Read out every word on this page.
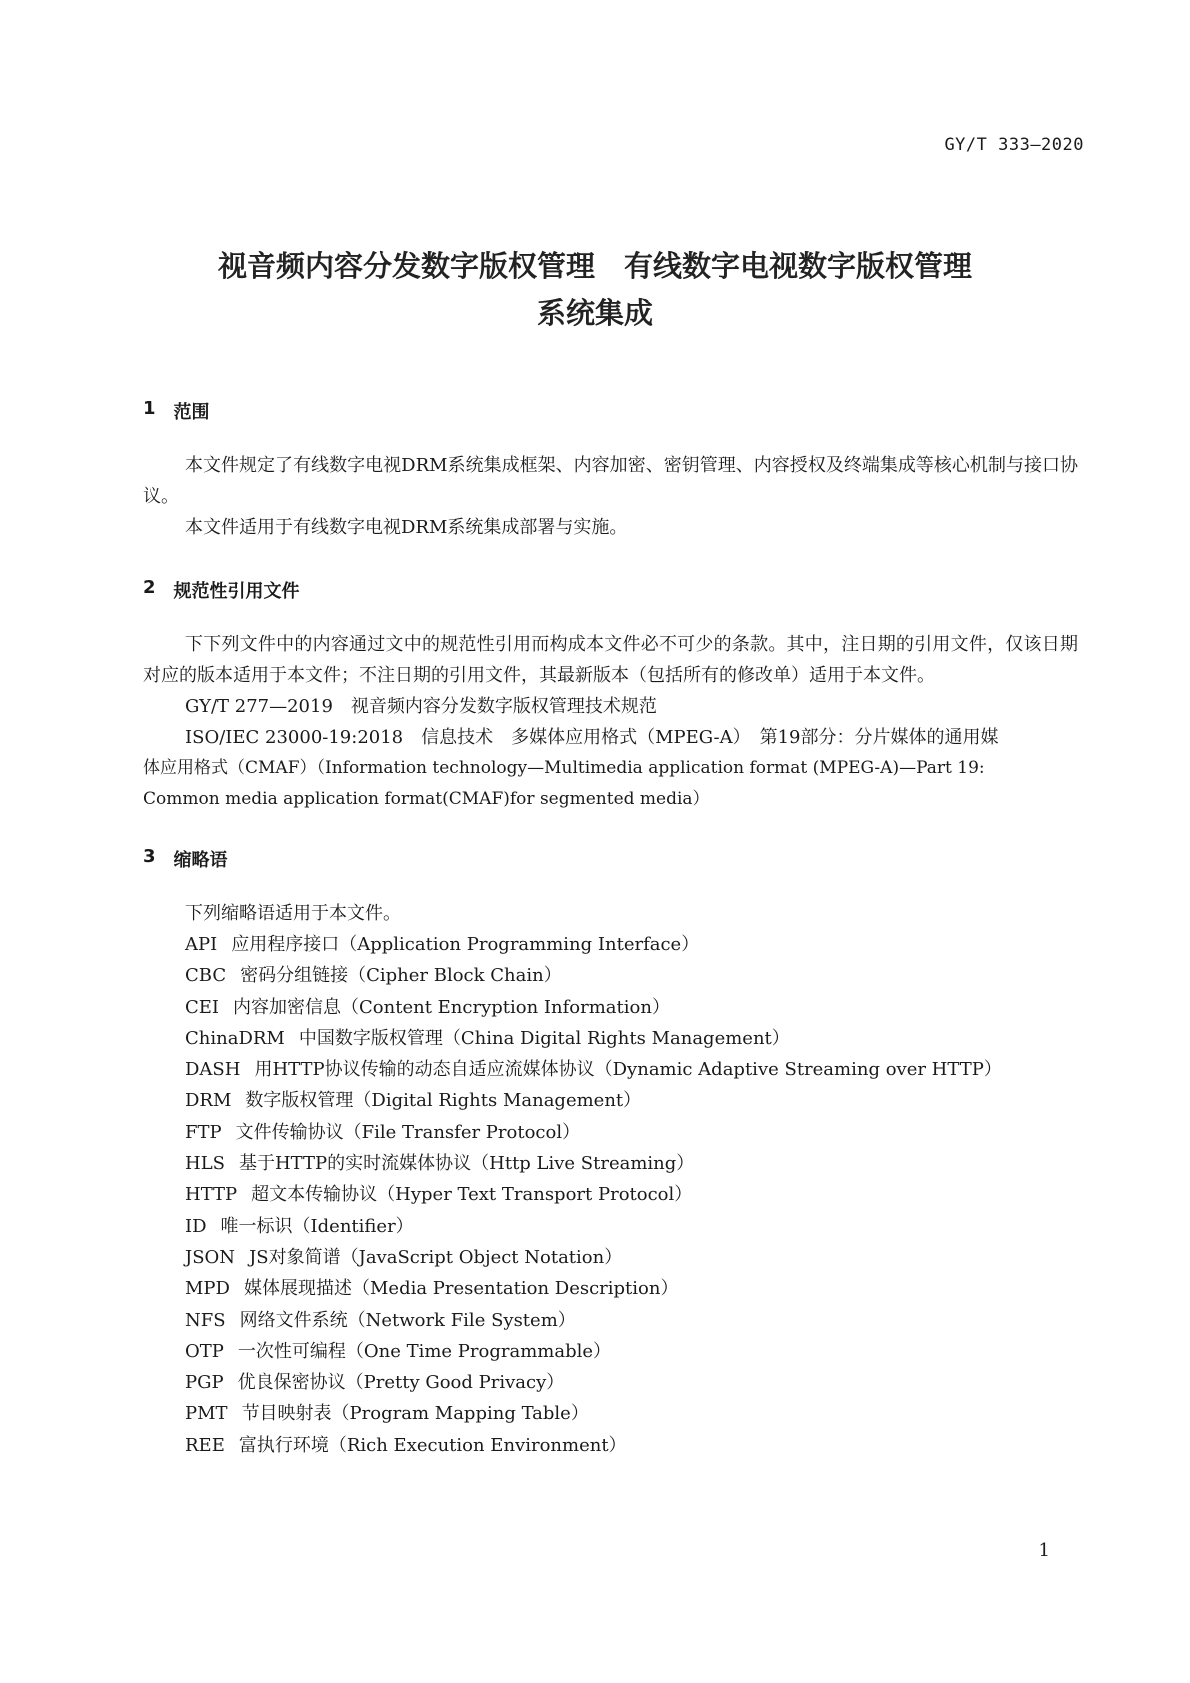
GY/T 333—2020
视音频内容分发数字版权管理　有线数字电视数字版权管理
系统集成
1 范围

本文件规定了有线数字电视DRM系统集成框架、内容加密、密钥管理、内容授权及终端集成等核心机制与接口协议。

本文件适用于有线数字电视DRM系统集成部署与实施。

2 规范性引用文件

下下列文件中的内容通过文中的规范性引用而构成本文件必不可少的条款。其中，注日期的引用文件，仅该日期对应的版本适用于本文件；不注日期的引用文件，其最新版本（包括所有的修改单）适用于本文件。

GY/T 277—2019　视音频内容分发数字版权管理技术规范
ISO/IEC 23000-19:2018　信息技术　多媒体应用格式（MPEG-A）　第19部分：分片媒体的通用媒
体应用格式（CMAF）（Information technology—Multimedia application format (MPEG-A)—Part 19:
Common media application format(CMAF)for segmented media）
3 缩略语
下列缩略语适用于本文件。
API 应用程序接口（Application Programming Interface）
CBC 密码分组链接（Cipher Block Chain）
CEI 内容加密信息（Content Encryption Information）
ChinaDRM 中国数字版权管理（China Digital Rights Management）
DASH 用HTTP协议传输的动态自适应流媒体协议（Dynamic Adaptive Streaming over HTTP）
DRM 数字版权管理（Digital Rights Management）
FTP 文件传输协议（File Transfer Protocol）
HLS 基于HTTP的实时流媒体协议（Http Live Streaming）
HTTP 超文本传输协议（Hyper Text Transport Protocol）
ID 唯一标识（Identifier）
JSON JS对象简谱（JavaScript Object Notation）
MPD 媒体展现描述（Media Presentation Description）
NFS 网络文件系统（Network File System）
OTP 一次性可编程（One Time Programmable）
PGP 优良保密协议（Pretty Good Privacy）
PMT 节目映射表（Program Mapping Table）
REE 富执行环境（Rich Execution Environment）
1
